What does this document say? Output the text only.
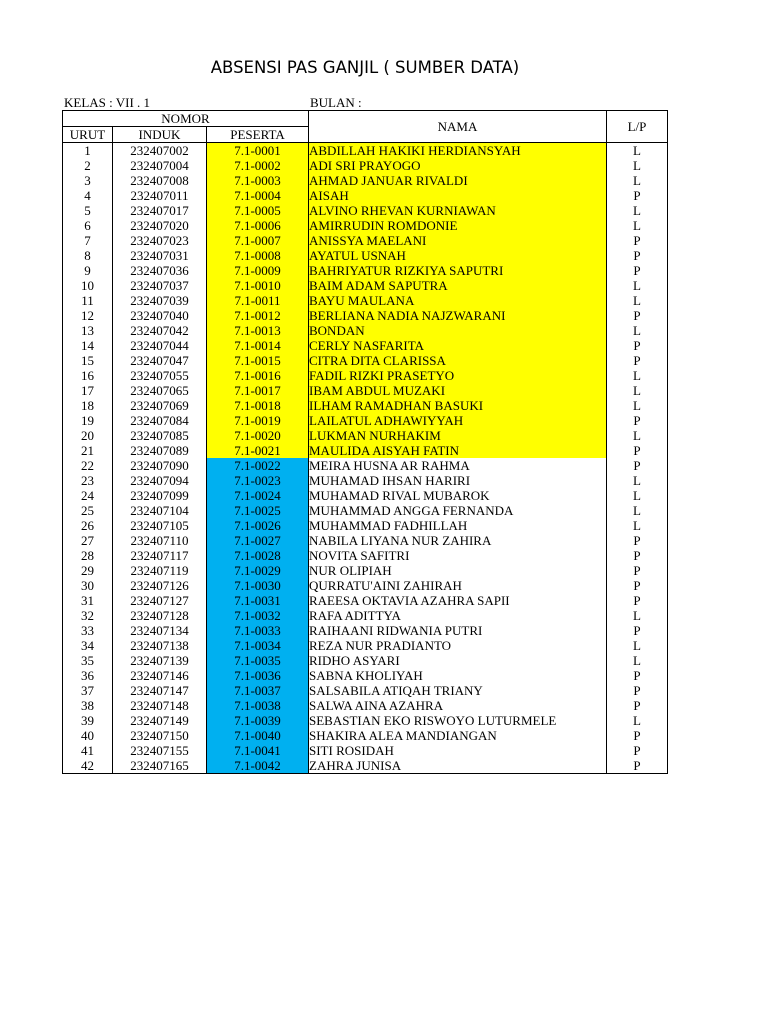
ABSENSI PAS GANJIL ( SUMBER DATA)
KELAS : VII . 1	BULAN :
NOMOR			NAMA	L/P
URUT	INDUK	PESERTA		
1	232407002	7.1-0001	ABDILLAH HAKIKI HERDIANSYAH	L
2	232407004	7.1-0002	ADI SRI PRAYOGO	L
3	232407008	7.1-0003	AHMAD JANUAR RIVALDI	L
4	232407011	7.1-0004	AISAH	P
5	232407017	7.1-0005	ALVINO RHEVAN KURNIAWAN	L
6	232407020	7.1-0006	AMIRRUDIN ROMDONIE	L
7	232407023	7.1-0007	ANISSYA MAELANI	P
8	232407031	7.1-0008	AYATUL USNAH	P
9	232407036	7.1-0009	BAHRIYATUR RIZKIYA SAPUTRI	P
10	232407037	7.1-0010	BAIM ADAM SAPUTRA	L
11	232407039	7.1-0011	BAYU MAULANA	L
12	232407040	7.1-0012	BERLIANA NADIA NAJZWARANI	P
13	232407042	7.1-0013	BONDAN	L
14	232407044	7.1-0014	CERLY NASFARITA	P
15	232407047	7.1-0015	CITRA DITA CLARISSA	P
16	232407055	7.1-0016	FADIL RIZKI PRASETYO	L
17	232407065	7.1-0017	IBAM ABDUL MUZAKI	L
18	232407069	7.1-0018	ILHAM RAMADHAN BASUKI	L
19	232407084	7.1-0019	LAILATUL ADHAWIYYAH	P
20	232407085	7.1-0020	LUKMAN NURHAKIM	L
21	232407089	7.1-0021	MAULIDA AISYAH FATIN	P
22	232407090	7.1-0022	MEIRA HUSNA AR RAHMA	P
23	232407094	7.1-0023	MUHAMAD IHSAN HARIRI	L
24	232407099	7.1-0024	MUHAMAD RIVAL MUBAROK	L
25	232407104	7.1-0025	MUHAMMAD ANGGA FERNANDA	L
26	232407105	7.1-0026	MUHAMMAD FADHILLAH	L
27	232407110	7.1-0027	NABILA LIYANA NUR ZAHIRA	P
28	232407117	7.1-0028	NOVITA SAFITRI	P
29	232407119	7.1-0029	NUR OLIPIAH	P
30	232407126	7.1-0030	QURRATU'AINI ZAHIRAH	P
31	232407127	7.1-0031	RAEESA OKTAVIA AZAHRA SAPII	P
32	232407128	7.1-0032	RAFA ADITTYA	L
33	232407134	7.1-0033	RAIHAANI RIDWANIA PUTRI	P
34	232407138	7.1-0034	REZA NUR PRADIANTO	L
35	232407139	7.1-0035	RIDHO ASYARI	L
36	232407146	7.1-0036	SABNA KHOLIYAH	P
37	232407147	7.1-0037	SALSABILA ATIQAH TRIANY	P
38	232407148	7.1-0038	SALWA AINA AZAHRA	P
39	232407149	7.1-0039	SEBASTIAN EKO RISWOYO LUTURMELE	L
40	232407150	7.1-0040	SHAKIRA ALEA MANDIANGAN	P
41	232407155	7.1-0041	SITI ROSIDAH	P
42	232407165	7.1-0042	ZAHRA JUNISA	P
